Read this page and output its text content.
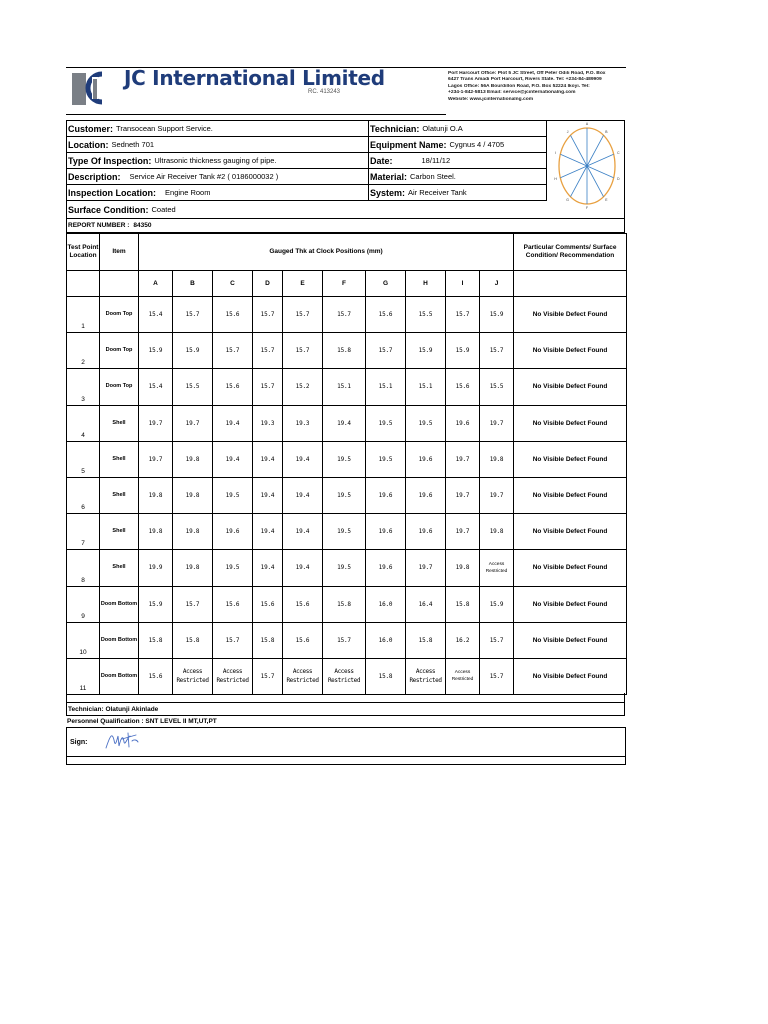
JC International Limited
RC. 413243
Port Harcourt Office: Plot 5 JC Street, Off Peter Odili Road, P.O. Box
6427 Trans Amadi Port Harcourt, Rivers State. Tel: +234-84-489909
Lagos Office: 56A Bourdillon Road, P.O. Box 52224 Ikoyi. Tel:
+234-1-842-5813 Email: service@jcinternationalng.com
Website: www.jcinternationalng.com
Customer: Transocean Support Service.
Location: Sedneth 701
Type Of Inspection: Ultrasonic thickness gauging of pipe.
Description: Service Air Receiver Tank #2 ( 0186000032 )
Inspection Location: Engine Room
Surface Condition: Coated
Technician: Olatunji O.A
Equipment Name: Cygnus 4 / 4705
Date:	18/11/12
Material: Carbon Steel.
System: Air Receiver Tank
A
B
C
D
E
F
G
H
I
J
REPORT NUMBER : 84350
Test Point Location	Item	Gauged Thk at Clock Positions (mm)										Particular Comments/ Surface Condition/ Recommendation
		A	B	C	D	E	F	G	H	I	J	
1	Doom Top	15.4	15.7	15.6	15.7	15.7	15.7	15.6	15.5	15.7	15.9	No Visible Defect Found
2	Doom Top	15.9	15.9	15.7	15.7	15.7	15.8	15.7	15.9	15.9	15.7	No Visible Defect Found
3	Doom Top	15.4	15.5	15.6	15.7	15.2	15.1	15.1	15.1	15.6	15.5	No Visible Defect Found
4	Shell	19.7	19.7	19.4	19.3	19.3	19.4	19.5	19.5	19.6	19.7	No Visible Defect Found
5	Shell	19.7	19.8	19.4	19.4	19.4	19.5	19.5	19.6	19.7	19.8	No Visible Defect Found
6	Shell	19.8	19.8	19.5	19.4	19.4	19.5	19.6	19.6	19.7	19.7	No Visible Defect Found
7	Shell	19.8	19.8	19.6	19.4	19.4	19.5	19.6	19.6	19.7	19.8	No Visible Defect Found
8	Shell	19.9	19.8	19.5	19.4	19.4	19.5	19.6	19.7	19.8	Access Restricted	No Visible Defect Found
9	Doom Bottom	15.9	15.7	15.6	15.6	15.6	15.8	16.0	16.4	15.8	15.9	No Visible Defect Found
10	Doom Bottom	15.8	15.8	15.7	15.8	15.6	15.7	16.0	15.8	16.2	15.7	No Visible Defect Found
11	Doom Bottom	15.6	Access Restricted	Access Restricted	15.7	Access Restricted	Access Restricted	15.8	Access Restricted	Access Restricted	15.7	No Visible Defect Found
Technician: Olatunji Akinlade
Personnel Qualification : SNT LEVEL II MT,UT,PT
Sign:
